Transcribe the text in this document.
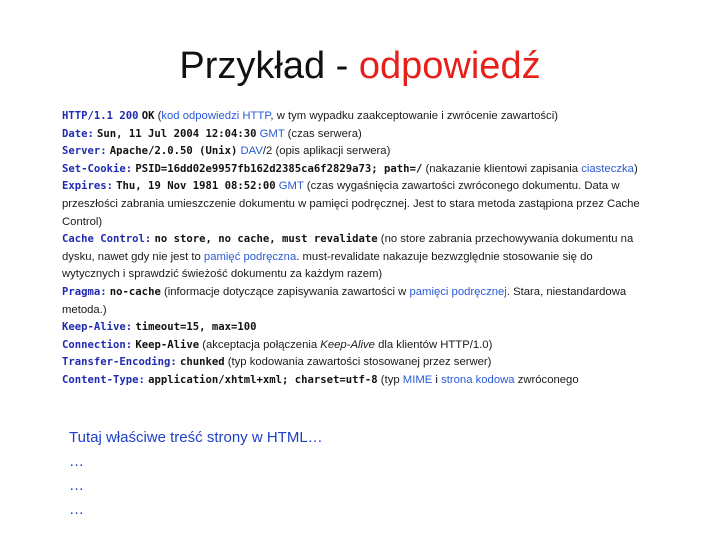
Przykład - odpowiedź

HTTP/1.1 200 OK (kod odpowiedzi HTTP, w tym wypadku zaakceptowanie i zwrócenie zawartości)

Date: Sun, 11 Jul 2004 12:04:30 GMT (czas serwera)

Server: Apache/2.0.50 (Unix) DAV/2 (opis aplikacji serwera)

Set-Cookie: PSID=16dd02e9957fb162d2385ca6f2829a73; path=/ (nakazanie klientowi zapisania ciasteczka)

Expires: Thu, 19 Nov 1981 08:52:00 GMT (czas wygaśnięcia zawartości zwróconego dokumentu. Data w przeszłości zabrania umieszczenie dokumentu w pamięci podręcznej. Jest to stara metoda zastąpiona przez Cache Control)

Cache Control: no store, no cache, must revalidate (no store zabrania przechowywania dokumentu na dysku, nawet gdy nie jest to pamięć podręczna. must-revalidate nakazuje bezwzględnie stosowanie się do wytycznych i sprawdzić świeżość dokumentu za każdym razem)

Pragma: no-cache (informacje dotyczące zapisywania zawartości w pamięci podręcznej. Stara, niestandardowa metoda.)

Keep-Alive: timeout=15, max=100

Connection: Keep-Alive (akceptacja połączenia Keep-Alive dla klientów HTTP/1.0)

Transfer-Encoding: chunked (typ kodowania zawartości stosowanej przez serwer)

Content-Type: application/xhtml+xml; charset=utf-8 (typ MIME i strona kodowa zwróconego

Tutaj właściwe treść strony w HTML…

…

…

…
